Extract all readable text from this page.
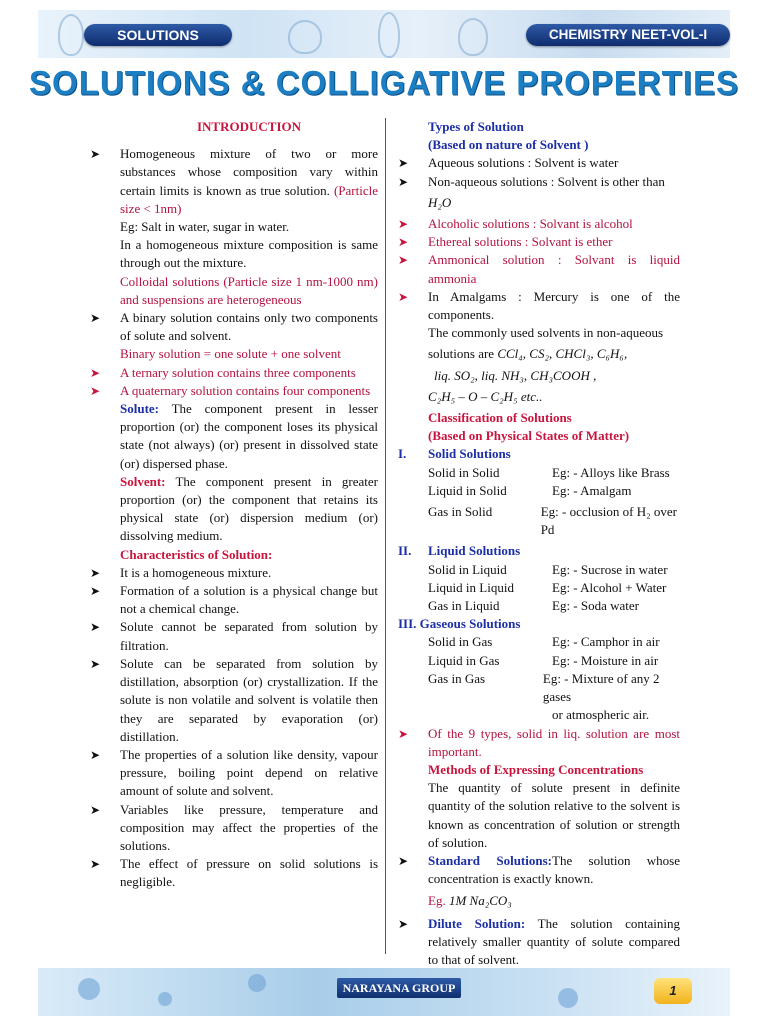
SOLUTIONS	CHEMISTRY NEET-VOL-I
SOLUTIONS & COLLIGATIVE PROPERTIES
INTRODUCTION

➤ Homogeneous mixture of two or more substances whose composition vary within certain limits is known as true solution. (Particle size < 1nm)

Eg: Salt in water, sugar in water.

In a homogeneous mixture composition is same through out the mixture.

Colloidal solutions (Particle size 1 nm-1000 nm) and suspensions are heterogeneous

➤ A binary solution contains only two components of solute and solvent.

Binary solution = one solute + one solvent

➤ A ternary solution contains three components

➤ A quaternary solution contains four components

Solute: The component present in lesser proportion (or) the component loses its physical state (not always) (or) present in dissolved state (or) dispersed phase.

Solvent: The component present in greater proportion (or) the component that retains its physical state (or) dispersion medium (or) dissolving medium.

Characteristics of Solution:

➤ It is a homogeneous mixture.

➤ Formation of a solution is a physical change but not a chemical change.

➤ Solute cannot be separated from solution by filtration.

➤ Solute can be separated from solution by distillation, absorption (or) crystallization. If the solute is non volatile and solvent is volatile then they are separated by evaporation (or) distillation.

➤ The properties of a solution like density, vapour pressure, boiling point depend on relative amount of solute and solvent.

➤ Variables like pressure, temperature and composition may affect the properties of the solutions.

➤ The effect of pressure on solid solutions is negligible.

Types of Solution

(Based on nature of Solvent )

➤ Aqueous solutions : Solvent is water

➤ Non-aqueous solutions : Solvent is other than

H₂O

➤ Alcoholic solutions : Solvant is alcohol

➤ Ethereal solutions : Solvant is ether

➤ Ammonical solution : Solvant is liquid ammonia

➤ In Amalgams : Mercury is one of the components.

The commonly used solvents in non-aqueous

solutions are CCl₄, CS₂, CHCl₃, C₆H₆,

liq. SO₂, liq. NH₃, CH₃COOH ,

C₂H₅ – O – C₂H₅ etc..

Classification of Solutions

(Based on Physical States of Matter)

I.	Solid Solutions
Solid in Solid	Eg: - Alloys like Brass
Liquid in Solid	Eg: - Amalgam
Gas in Solid	Eg: - occlusion of H₂ over Pd
II.	Liquid Solutions
Solid in Liquid	Eg: - Sucrose in water
Liquid in Liquid	Eg: - Alcohol + Water
Gas in Liquid	Eg: - Soda water
III. Gaseous Solutions
Solid in Gas	Eg: - Camphor in air
Liquid in Gas	Eg: - Moisture in air
Gas in Gas	Eg: - Mixture of any 2 gases
or atmospheric air.

➤ Of the 9 types, solid in liq. solution are most important.

Methods of Expressing Concentrations

The quantity of solute present in definite quantity of the solution relative to the solvent is known as concentration of solution or strength of solution.

➤ Standard Solutions:The solution whose concentration is exactly known.

Eg. 1M Na₂CO₃

➤ Dilute Solution: The solution containing relatively smaller quantity of solute compared to that of solvent.

NARAYANA GROUP	1
